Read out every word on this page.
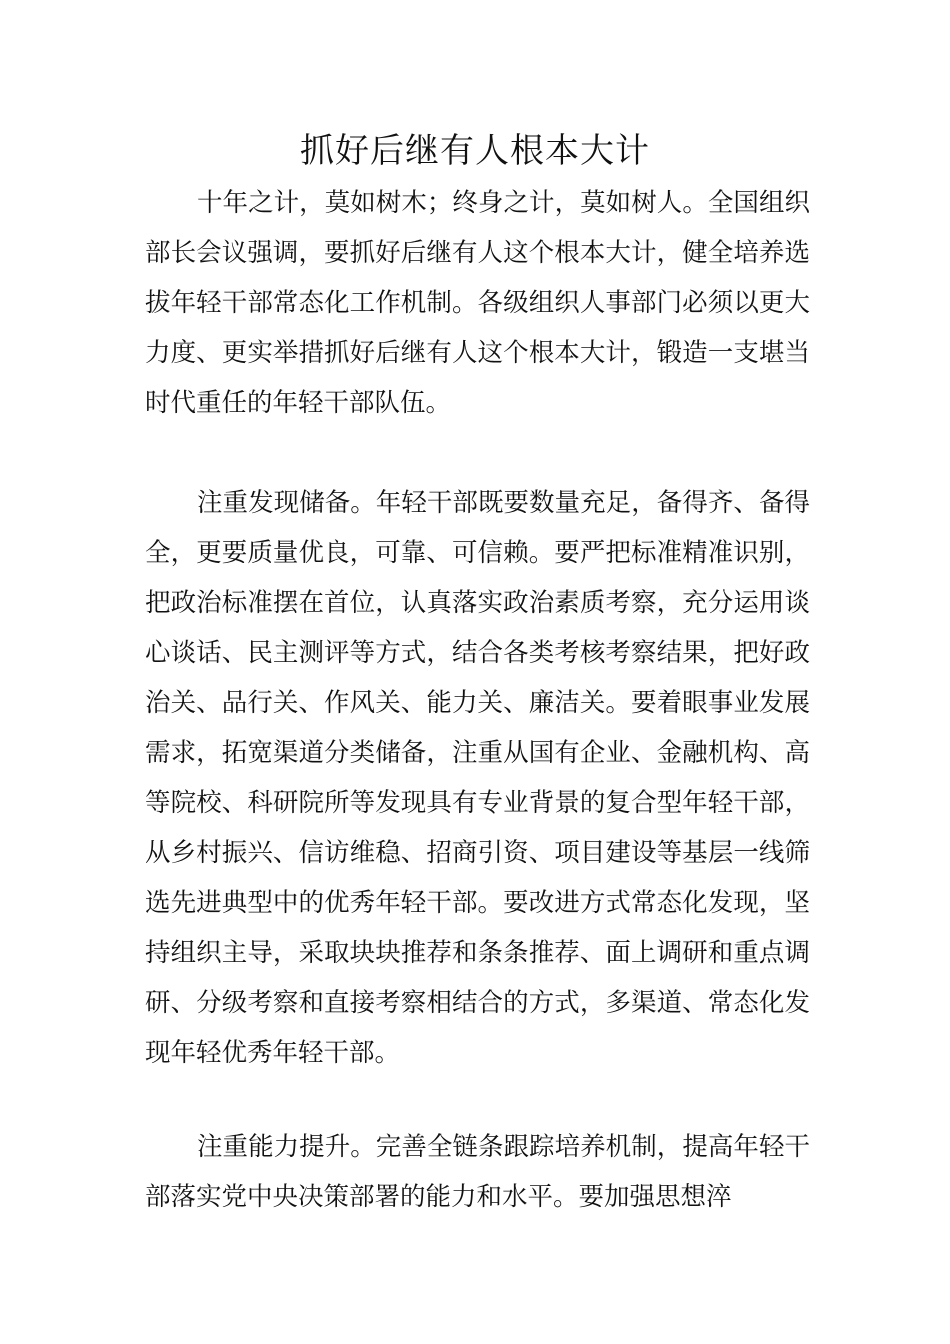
抓好后继有人根本大计

十年之计，莫如树木；终身之计，莫如树人。全国组织部长会议强调，要抓好后继有人这个根本大计，健全培养选拔年轻干部常态化工作机制。各级组织人事部门必须以更大力度、更实举措抓好后继有人这个根本大计，锻造一支堪当时代重任的年轻干部队伍。

注重发现储备。年轻干部既要数量充足，备得齐、备得全，更要质量优良，可靠、可信赖。要严把标准精准识别，把政治标准摆在首位，认真落实政治素质考察，充分运用谈心谈话、民主测评等方式，结合各类考核考察结果，把好政治关、品行关、作风关、能力关、廉洁关。要着眼事业发展需求，拓宽渠道分类储备，注重从国有企业、金融机构、高等院校、科研院所等发现具有专业背景的复合型年轻干部，从乡村振兴、信访维稳、招商引资、项目建设等基层一线筛选先进典型中的优秀年轻干部。要改进方式常态化发现，坚持组织主导，采取块块推荐和条条推荐、面上调研和重点调研、分级考察和直接考察相结合的方式，多渠道、常态化发现年轻优秀年轻干部。

注重能力提升。完善全链条跟踪培养机制，提高年轻干部落实党中央决策部署的能力和水平。要加强思想淬
